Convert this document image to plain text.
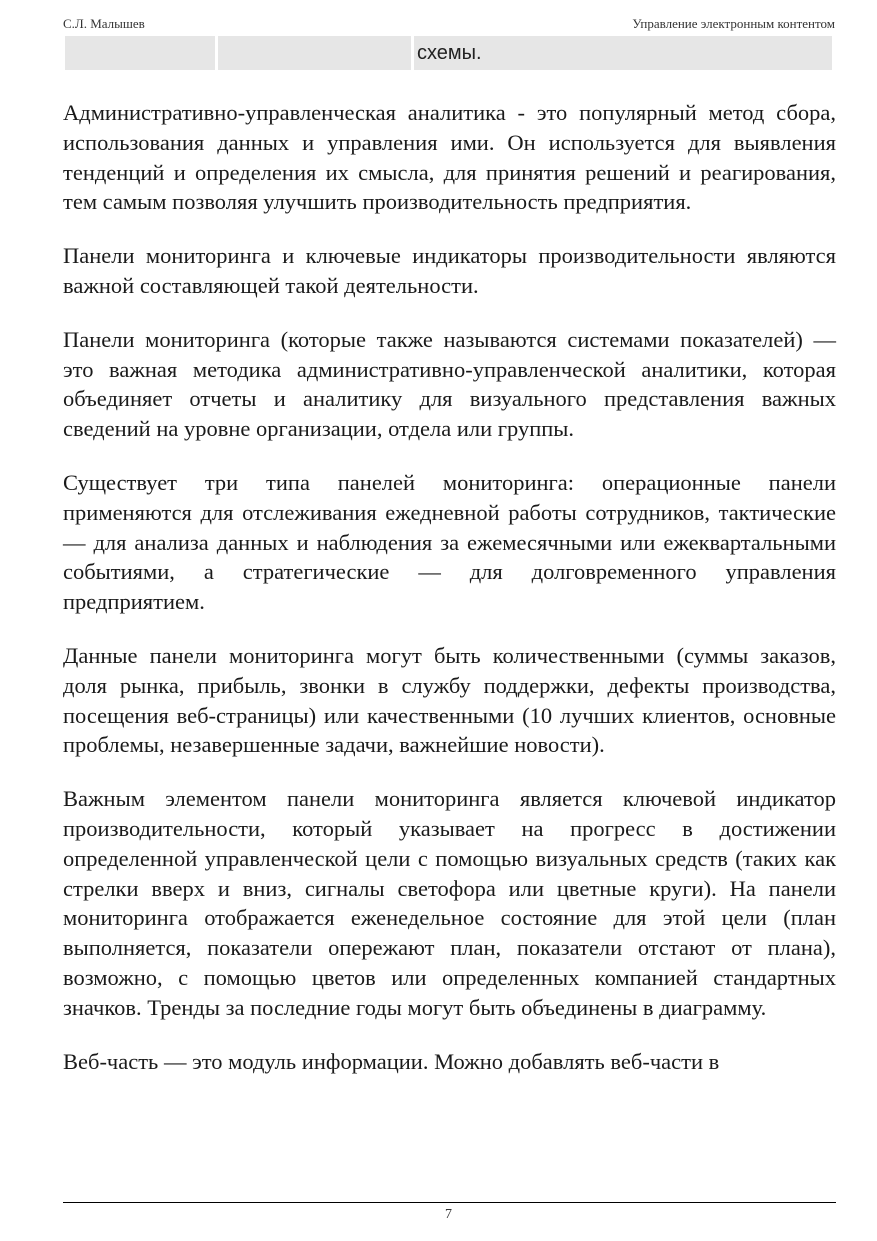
С.Л. Малышев	Управление электронным контентом
схемы.

Административно-управленческая аналитика - это популярный метод сбора, использования данных и управления ими. Он используется для выявления тенденций и определения их смысла, для принятия решений и реагирования, тем самым позволяя улучшить производительность предприятия.

Панели мониторинга и ключевые индикаторы производительности являются важной составляющей такой деятельности.

Панели мониторинга (которые также называются системами показателей) — это важная методика административно-управленческой аналитики, которая объединяет отчеты и аналитику для визуального представления важных сведений на уровне организации, отдела или группы.

Существует три типа панелей мониторинга: операционные панели применяются для отслеживания ежедневной работы сотрудников, тактические — для анализа данных и наблюдения за ежемесячными или ежеквартальными событиями, а стратегические — для долговременного управления предприятием.

Данные панели мониторинга могут быть количественными (суммы заказов, доля рынка, прибыль, звонки в службу поддержки, дефекты производства, посещения веб-страницы) или качественными (10 лучших клиентов, основные проблемы, незавершенные задачи, важнейшие новости).

Важным элементом панели мониторинга является ключевой индикатор производительности, который указывает на прогресс в достижении определенной управленческой цели с помощью визуальных средств (таких как стрелки вверх и вниз, сигналы светофора или цветные круги). На панели мониторинга отображается еженедельное состояние для этой цели (план выполняется, показатели опережают план, показатели отстают от плана), возможно, с помощью цветов или определенных компанией стандартных значков. Тренды за последние годы могут быть объединены в диаграмму.

Веб-часть — это модуль информации. Можно добавлять веб-части в

7
